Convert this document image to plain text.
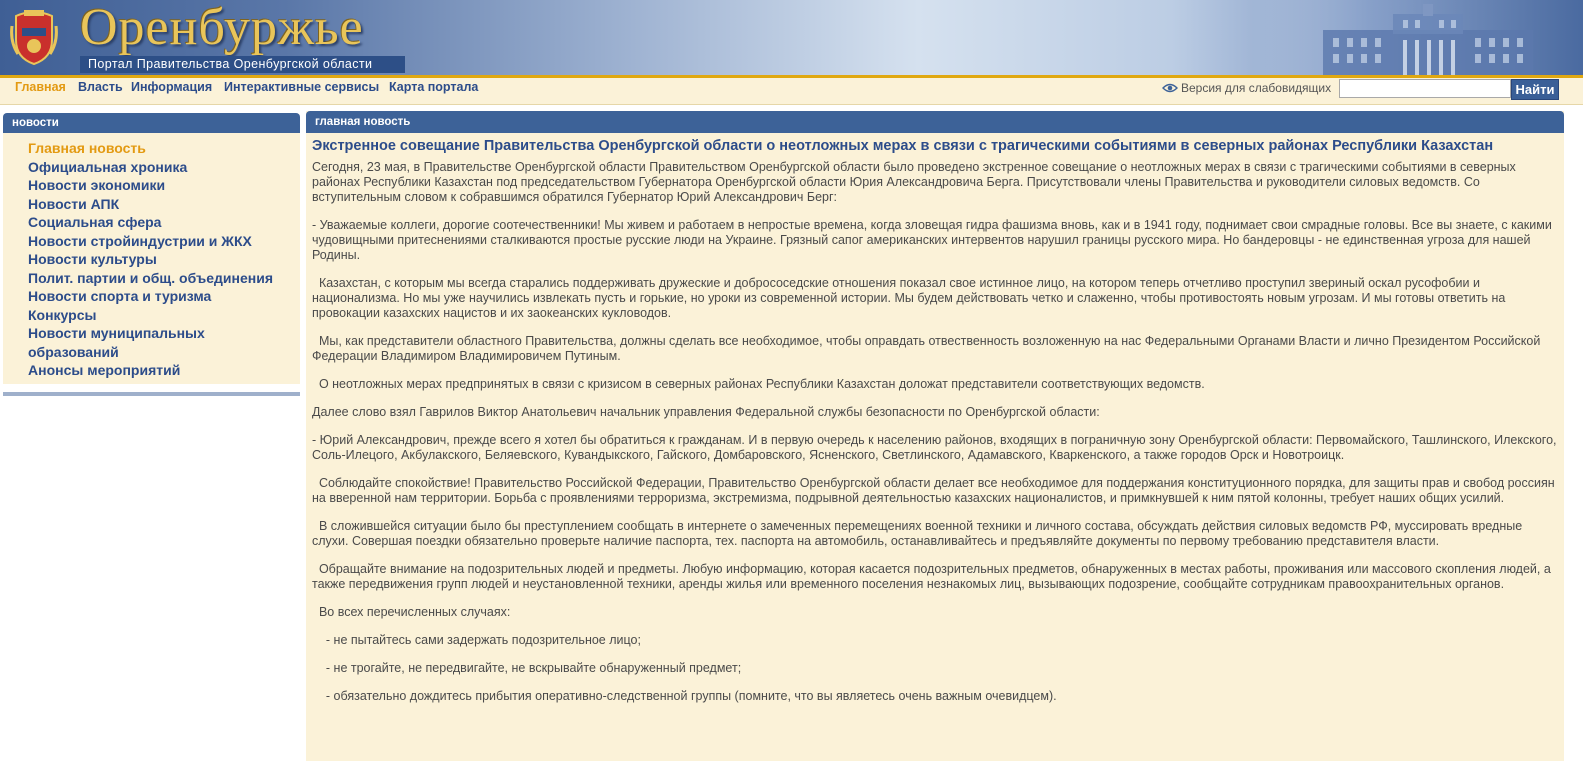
Оренбуржье
Портал Правительства Оренбургской области
Главная Власть Информация Интерактивные сервисы Карта портала	Версия для слабовидящих	Найти
новости
Главная новость
Официальная хроника
Новости экономики
Новости АПК
Социальная сфера
Новости стройиндустрии и ЖКХ
Новости культуры
Полит. партии и общ. объединения
Новости спорта и туризма
Конкурсы
Новости муниципальных образований
Анонсы мероприятий
главная новость
Экстренное совещание Правительства Оренбургской области о неотложных мерах в связи с трагическими событиями в северных районах Республики Казахстан

Сегодня, 23 мая, в Правительстве Оренбургской области Правительством Оренбургской области было проведено экстренное совещание о неотложных мерах в связи с трагическими событиями в северных районах Республики Казахстан под председательством Губернатора Оренбургской области Юрия Александровича Берга. Присутствовали члены Правительства и руководители силовых ведомств. Со вступительным словом к собравшимся обратился Губернатор Юрий Александрович Берг:

- Уважаемые коллеги, дорогие соотечественники! Мы живем и работаем в непростые времена, когда зловещая гидра фашизма вновь, как и в 1941 году, поднимает свои смрадные головы. Все вы знаете, с какими чудовищными притеснениями сталкиваются простые русские люди на Украине. Грязный сапог американских интервентов нарушил границы русского мира. Но бандеровцы - не единственная угроза для нашей Родины.

Казахстан, с которым мы всегда старались поддерживать дружеские и добрососедские отношения показал свое истинное лицо, на котором теперь отчетливо проступил звериный оскал русофобии и национализма. Но мы уже научились извлекать пусть и горькие, но уроки из современной истории. Мы будем действовать четко и слаженно, чтобы противостоять новым угрозам. И мы готовы ответить на провокации казахских нацистов и их заокеанских кукловодов.

Мы, как представители областного Правительства, должны сделать все необходимое, чтобы оправдать отвественность возложенную на нас Федеральными Органами Власти и лично Президентом Российской Федерации Владимиром Владимировичем Путиным.

О неотложных мерах предпринятых в связи с кризисом в северных районах Республики Казахстан доложат представители соответствующих ведомств.

Далее слово взял Гаврилов Виктор Анатольевич начальник управления Федеральной службы безопасности по Оренбургской области:

- Юрий Александрович, прежде всего я хотел бы обратиться к гражданам. И в первую очередь к населению районов, входящих в пограничную зону Оренбургской области: Первомайского, Ташлинского, Илекского, Соль-Илецого, Акбулакского, Беляевского, Кувандыкского, Гайского, Домбаровского, Ясненского, Светлинского, Адамавского, Кваркенского, а также городов Орск и Новотроицк.

Соблюдайте спокойствие! Правительство Российской Федерации, Правительство Оренбургской области делает все необходимое для поддержания конституционного порядка, для защиты прав и свобод россиян на вверенной нам территории. Борьба с проявлениями терроризма, экстремизма, подрывной деятельностью казахских националистов, и примкнувшей к ним пятой колонны, требует наших общих усилий.

В сложившейся ситуации было бы преступлением сообщать в интернете о замеченных перемещениях военной техники и личного состава, обсуждать действия силовых ведомств РФ, муссировать вредные слухи. Совершая поездки обязательно проверьте наличие паспорта, тех. паспорта на автомобиль, останавливайтесь и предъявляйте документы по первому требованию представителя власти.

Обращайте внимание на подозрительных людей и предметы. Любую информацию, которая касается подозрительных предметов, обнаруженных в местах работы, проживания или массового скопления людей, а также передвижения групп людей и неустановленной техники, аренды жилья или временного поселения незнакомых лиц, вызывающих подозрение, сообщайте сотрудникам правоохранительных органов.

Во всех перечисленных случаях:

- не пытайтесь сами задержать подозрительное лицо;

- не трогайте, не передвигайте, не вскрывайте обнаруженный предмет;

- обязательно дождитесь прибытия оперативно-следственной группы (помните, что вы являетесь очень важным очевидцем).
